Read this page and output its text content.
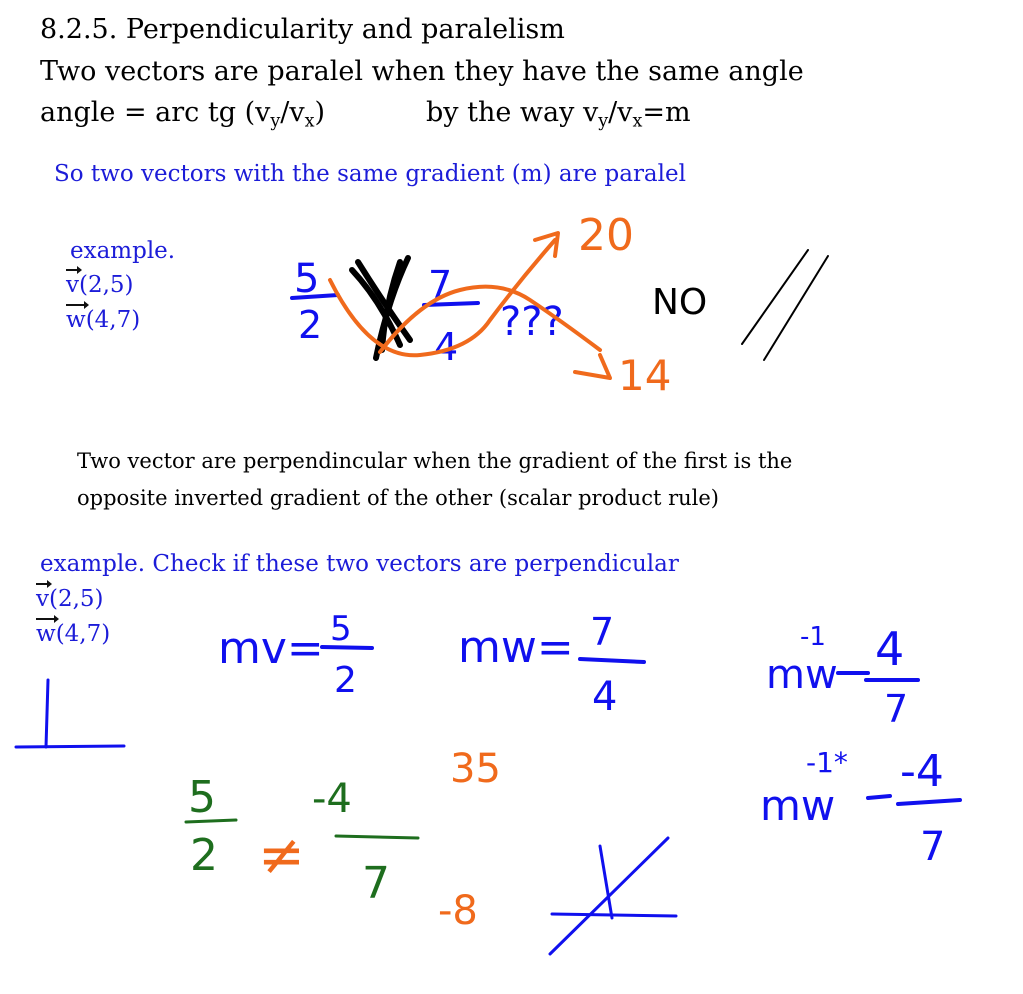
8.2.5. Perpendicularity and paralelism
Two vectors are paralel when they have the same angle
angle = arc tg $(v_y/v_x)$	by the way $v_y/v_x=m$
So two vectors with the same gradient (m) are paralel
example.
v(2,5)
w(4,7)
Two vector are perpendincular when the gradient of the first is the
opposite inverted gradient of the other (scalar product rule)
example. Check if these two vectors are perpendicular
v(2,5)
w(4,7)
5
2
7
4
???
20
14
NO
mv= 5
2
mw= 7
4	mw
-1 4
7
mw
-1* -4
7
5
2
-4
7
≠
35
-8
